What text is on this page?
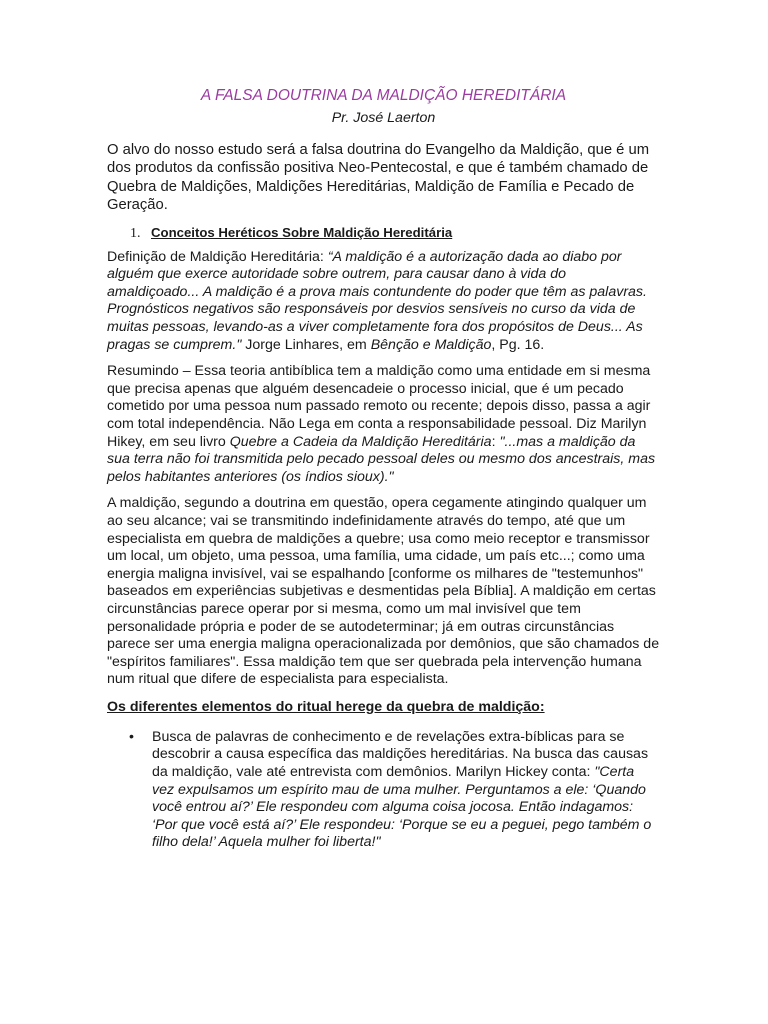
A FALSA DOUTRINA DA MALDIÇÃO HEREDITÁRIA

Pr. José Laerton

O alvo do nosso estudo será a falsa doutrina do Evangelho da Maldição, que é um dos produtos da confissão positiva Neo-Pentecostal, e que é também chamado de Quebra de Maldições, Maldições Hereditárias, Maldição de Família e Pecado de Geração.

1. Conceitos Heréticos Sobre Maldição Hereditária

Definição de Maldição Hereditária: “A maldição é a autorização dada ao diabo por alguém que exerce autoridade sobre outrem, para causar dano à vida do amaldiçoado... A maldição é a prova mais contundente do poder que têm as palavras. Prognósticos negativos são responsáveis por desvios sensíveis no curso da vida de muitas pessoas, levando-as a viver completamente fora dos propósitos de Deus... As pragas se cumprem." Jorge Linhares, em Bênção e Maldição, Pg. 16.

Resumindo – Essa teoria antibíblica tem a maldição como uma entidade em si mesma que precisa apenas que alguém desencadeie o processo inicial, que é um pecado cometido por uma pessoa num passado remoto ou recente; depois disso, passa a agir com total independência. Não Lega em conta a responsabilidade pessoal. Diz Marilyn Hikey, em seu livro Quebre a Cadeia da Maldição Hereditária: "...mas a maldição da sua terra não foi transmitida pelo pecado pessoal deles ou mesmo dos ancestrais, mas pelos habitantes anteriores (os índios sioux)."

A maldição, segundo a doutrina em questão, opera cegamente atingindo qualquer um ao seu alcance; vai se transmitindo indefinidamente através do tempo, até que um especialista em quebra de maldições a quebre; usa como meio receptor e transmissor um local, um objeto, uma pessoa, uma família, uma cidade, um país etc...; como uma energia maligna invisível, vai se espalhando [conforme os milhares de "testemunhos" baseados em experiências subjetivas e desmentidas pela Bíblia]. A maldição em certas circunstâncias parece operar por si mesma, como um mal invisível que tem personalidade própria e poder de se autodeterminar; já em outras circunstâncias parece ser uma energia maligna operacionalizada por demônios, que são chamados de "espíritos familiares". Essa maldição tem que ser quebrada pela intervenção humana num ritual que difere de especialista para especialista.

Os diferentes elementos do ritual herege da quebra de maldição:

• Busca de palavras de conhecimento e de revelações extra-bíblicas para se descobrir a causa específica das maldições hereditárias. Na busca das causas da maldição, vale até entrevista com demônios. Marilyn Hickey conta: "Certa vez expulsamos um espírito mau de uma mulher. Perguntamos a ele: ‘Quando você entrou aí?’ Ele respondeu com alguma coisa jocosa. Então indagamos: ‘Por que você está aí?’ Ele respondeu: ‘Porque se eu a peguei, pego também o filho dela!’ Aquela mulher foi liberta!"
